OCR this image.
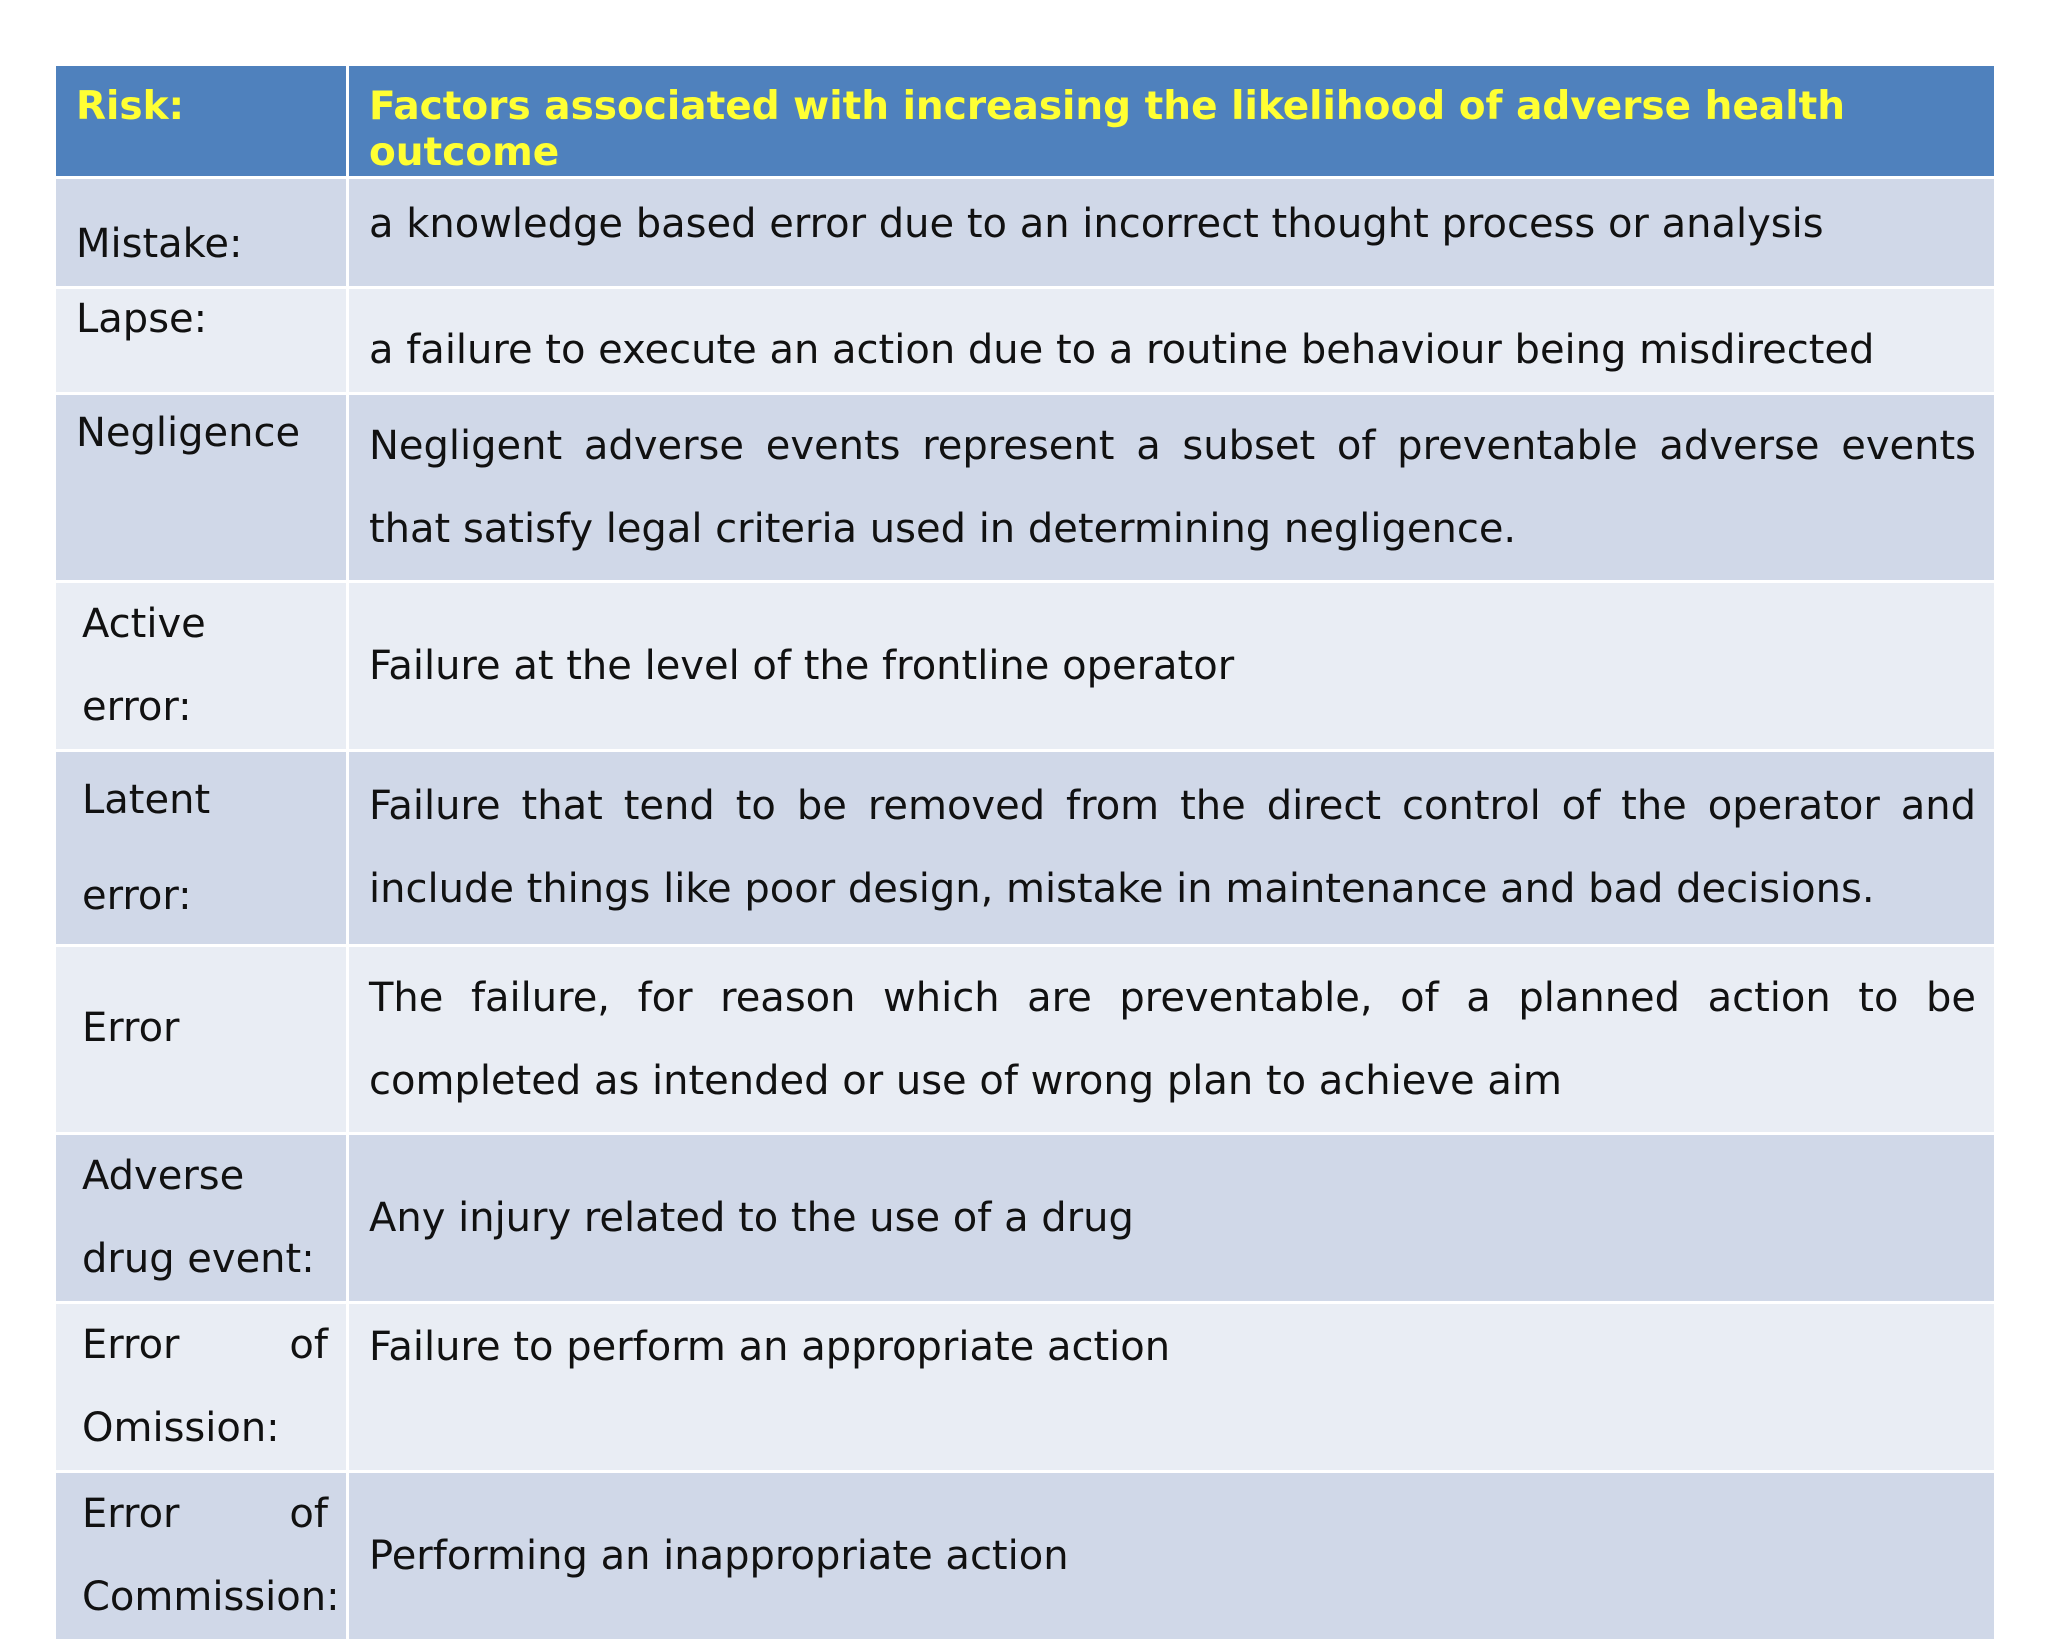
Risk:	Factors associated with increasing the likelihood of adverse health outcome
Mistake:	a knowledge based error due to an incorrect thought process or analysis
Lapse:	a failure to execute an action due to a routine behaviour being misdirected
Negligence	Negligent adverse events represent a subset of preventable adverse events that satisfy legal criteria used in determining negligence.
Active error:	Failure at the level of the frontline operator
Latent error:	Failure that tend to be removed from the direct control of the operator and include things like poor design, mistake in maintenance and bad decisions.
Error	The failure, for reason which are preventable, of a planned action to be completed as intended or use of wrong plan to achieve aim
Adverse drug event:	Any injury related to the use of a drug
Error of Omission:	Failure to perform an appropriate action
Error of Commission:	Performing an inappropriate action
